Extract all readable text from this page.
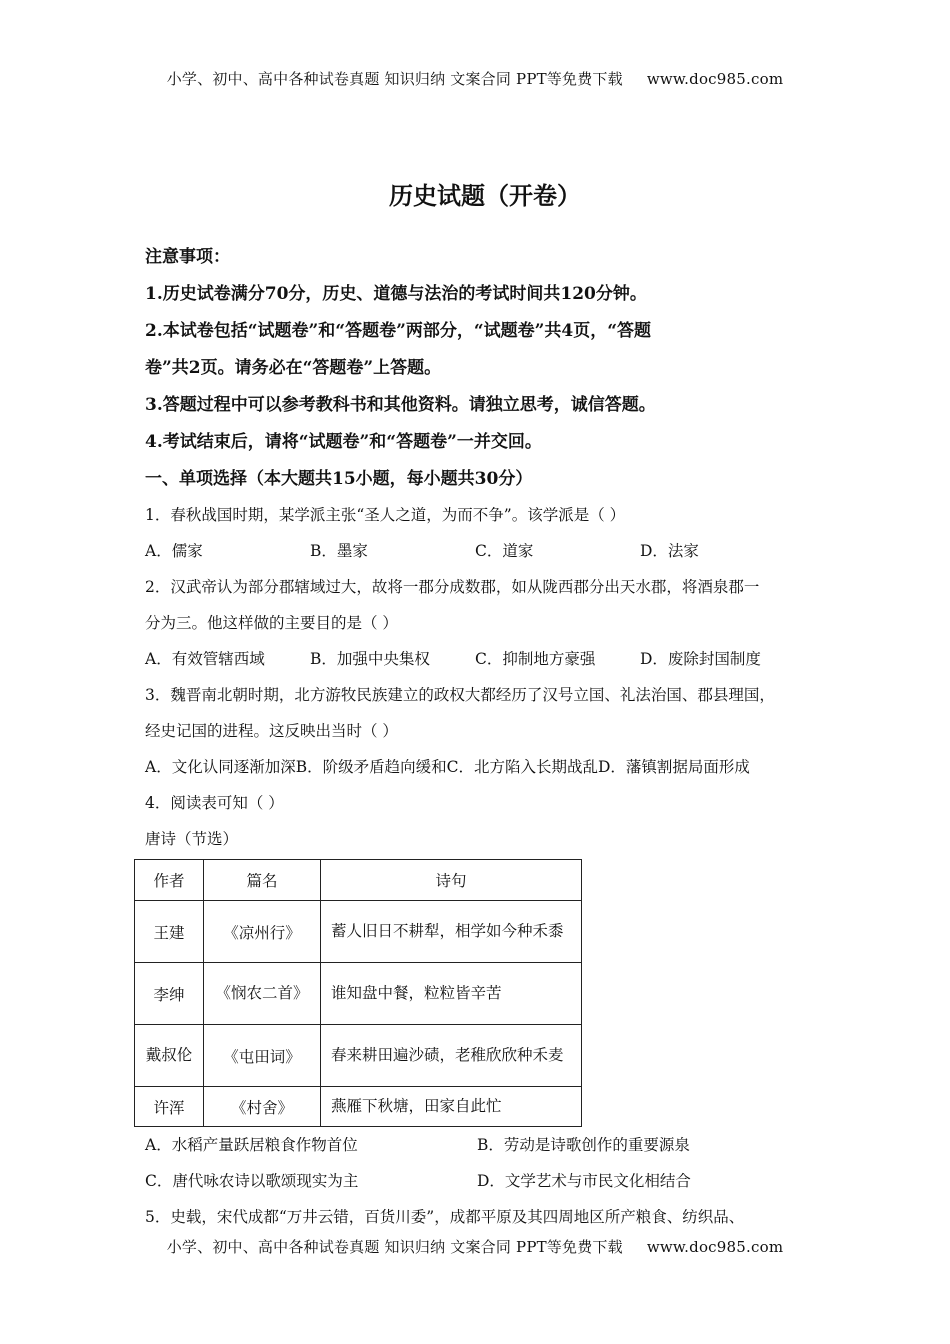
小学、初中、高中各种试卷真题 知识归纳 文案合同 PPT等免费下载 www.doc985.com
历史试题（开卷）
注意事项：
1.历史试卷满分70分，历史、道德与法治的考试时间共120分钟。
2.本试卷包括“试题卷”和“答题卷”两部分，“试题卷”共4页，“答题
卷”共2页。请务必在“答题卷”上答题。
3.答题过程中可以参考教科书和其他资料。请独立思考，诚信答题。
4.考试结束后，请将“试题卷”和“答题卷”一并交回。
一、单项选择（本大题共15小题，每小题共30分）
1．春秋战国时期，某学派主张“圣人之道，为而不争”。该学派是（ ）
A．儒家	B．墨家	C．道家	D．法家
2．汉武帝认为部分郡辖域过大，故将一郡分成数郡，如从陇西郡分出天水郡，将酒泉郡一
分为三。他这样做的主要目的是（ ）
A．有效管辖西域	B．加强中央集权	C．抑制地方豪强	D．废除封国制度
3．魏晋南北朝时期，北方游牧民族建立的政权大都经历了汉号立国、礼法治国、郡县理国，
经史记国的进程。这反映出当时（ ）
A．文化认同逐渐加深 B．阶级矛盾趋向缓和 C．北方陷入长期战乱 D．藩镇割据局面形成
4．阅读表可知（ ）
唐诗（节选）
作者	篇名	诗句
王建	《凉州行》	蓄人旧日不耕犁，相学如今种禾黍
李绅	《悯农二首》	谁知盘中餐，粒粒皆辛苦
戴叔伦	《屯田词》	春来耕田遍沙碛，老稚欣欣种禾麦
许浑	《村舍》	燕雁下秋塘，田家自此忙
A．水稻产量跃居粮食作物首位	B．劳动是诗歌创作的重要源泉
C．唐代咏农诗以歌颂现实为主	D．文学艺术与市民文化相结合
5．史载，宋代成都“万井云错，百货川委”，成都平原及其四周地区所产粮食、纺织品、
小学、初中、高中各种试卷真题 知识归纳 文案合同 PPT等免费下载 www.doc985.com
